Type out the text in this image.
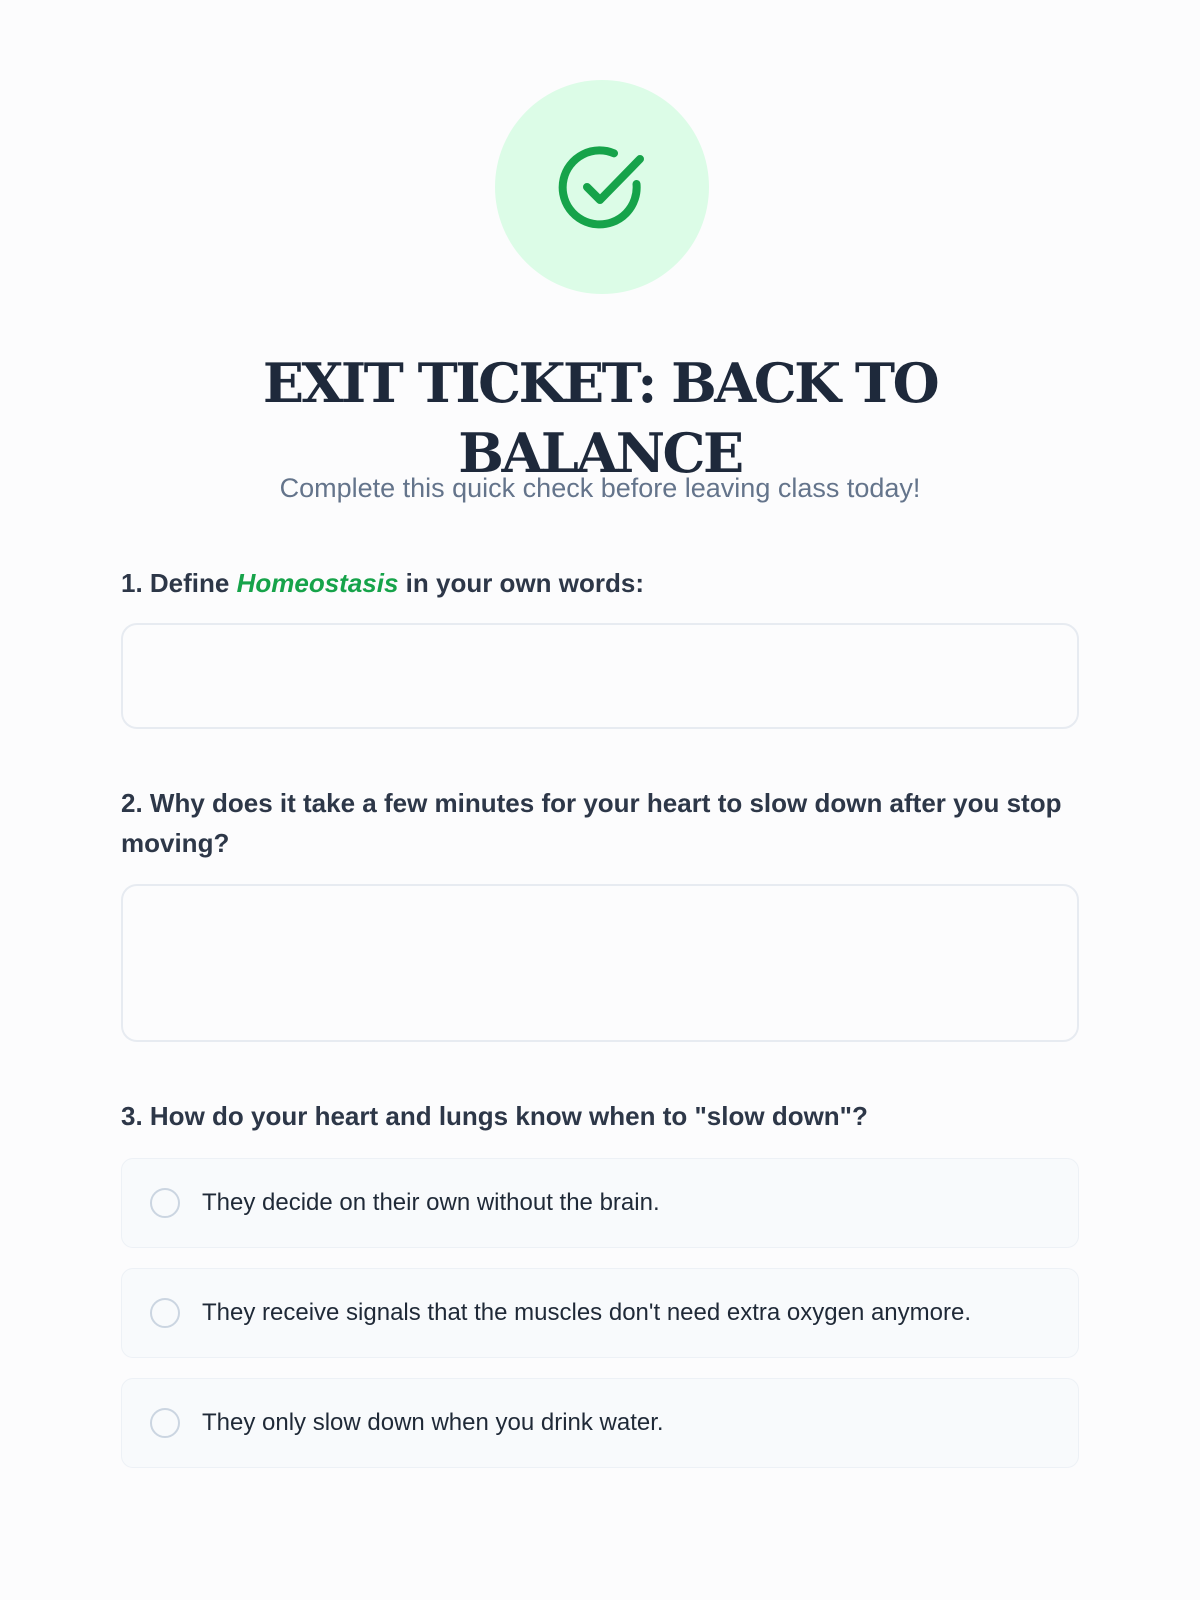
EXIT TICKET: BACK TO BALANCE

Complete this quick check before leaving class today!

1. Define Homeostasis in your own words:

2. Why does it take a few minutes for your heart to slow down after you stop moving?

3. How do your heart and lungs know when to "slow down"?

They decide on their own without the brain.
They receive signals that the muscles don't need extra oxygen anymore.
They only slow down when you drink water.
